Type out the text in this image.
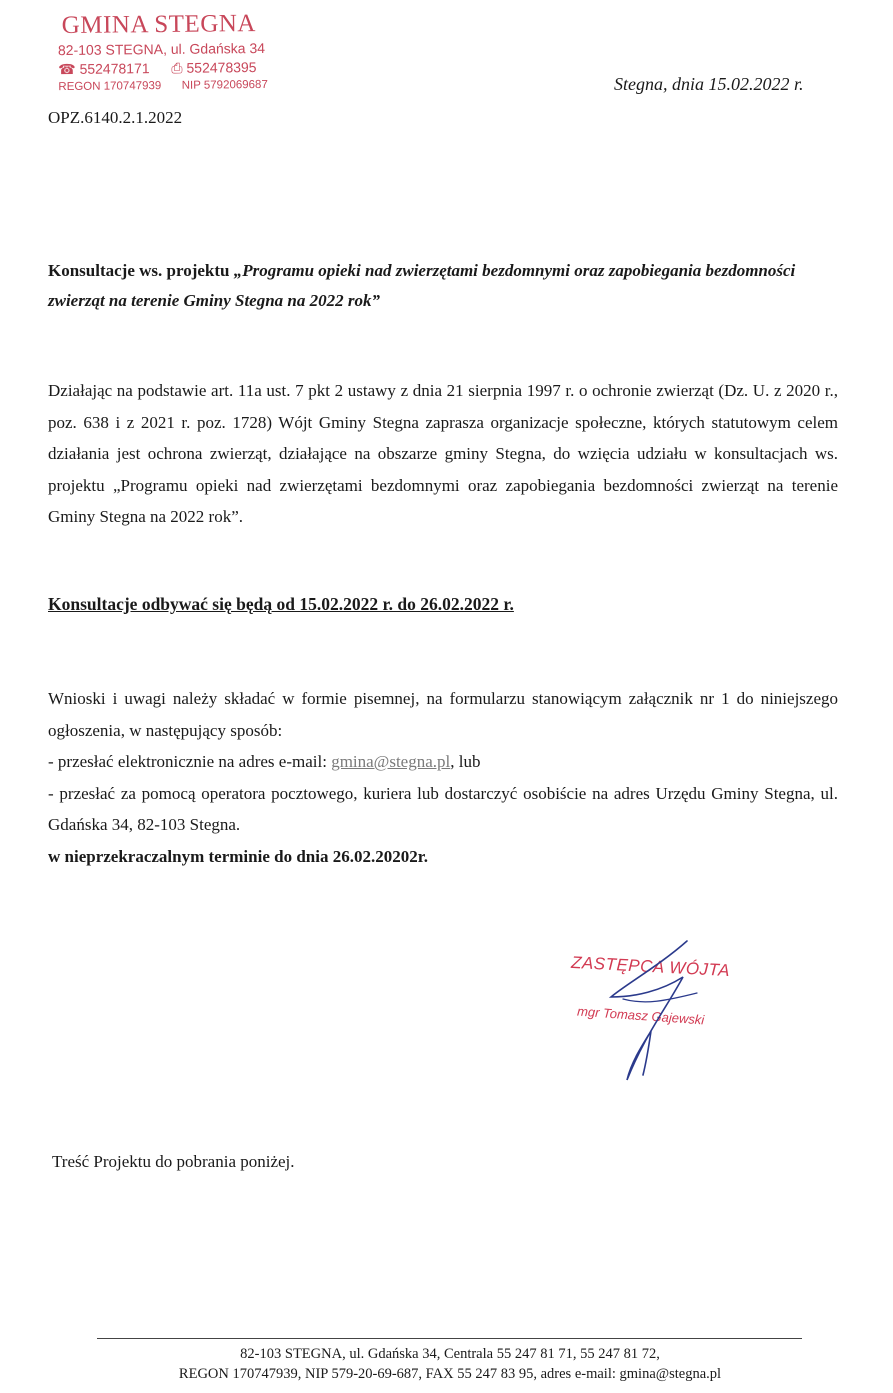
GMINA STEGNA
82-103 STEGNA, ul. Gdańska 34
☎ 552478171 ⎙ 552478395
REGON 170747939 NIP 5792069687	Stegna, dnia 15.02.2022 r.
OPZ.6140.2.1.2022
Konsultacje ws. projektu „Programu opieki nad zwierzętami bezdomnymi oraz zapobiegania bezdomności zwierząt na terenie Gminy Stegna na 2022 rok”
Działając na podstawie art. 11a ust. 7 pkt 2 ustawy z dnia 21 sierpnia 1997 r. o ochronie zwierząt (Dz. U. z 2020 r., poz. 638 i z 2021 r. poz. 1728) Wójt Gminy Stegna zaprasza organizacje społeczne, których statutowym celem działania jest ochrona zwierząt, działające na obszarze gminy Stegna, do wzięcia udziału w konsultacjach ws. projektu „Programu opieki nad zwierzętami bezdomnymi oraz zapobiegania bezdomności zwierząt na terenie Gminy Stegna na 2022 rok”.
Konsultacje odbywać się będą od 15.02.2022 r. do 26.02.2022 r.
Wnioski i uwagi należy składać w formie pisemnej, na formularzu stanowiącym załącznik nr 1 do niniejszego ogłoszenia, w następujący sposób:
- przesłać elektronicznie na adres e-mail: gmina@stegna.pl, lub
- przesłać za pomocą operatora pocztowego, kuriera lub dostarczyć osobiście na adres Urzędu Gminy Stegna, ul. Gdańska 34, 82-103 Stegna.
w nieprzekraczalnym terminie do dnia 26.02.20202r.
ZASTĘPCA WÓJTA
mgr Tomasz Gajewski
Treść Projektu do pobrania poniżej.
82-103 STEGNA, ul. Gdańska 34, Centrala 55 247 81 71, 55 247 81 72,
REGON 170747939, NIP 579-20-69-687, FAX 55 247 83 95, adres e-mail: gmina@stegna.pl
